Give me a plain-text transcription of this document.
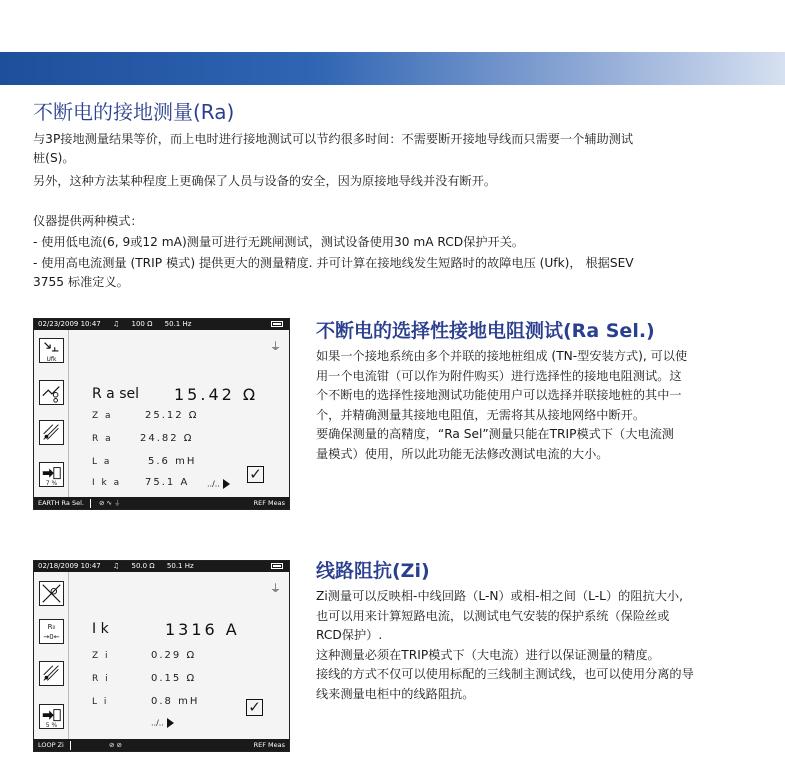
不断电的接地测量(Ra)

与3P接地测量结果等价，而上电时进行接地测试可以节约很多时间：不需要断开接地导线而只需要一个辅助测试

桩(S)。

另外，这种方法某种程度上更确保了人员与设备的安全，因为原接地导线并没有断开。

仪器提供两种模式：

- 使用低电流(6, 9或12 mA)测量可进行无跳闸测试，测试设备使用30 mA RCD保护开关。

- 使用高电流测量 (TRIP 模式) 提供更大的测量精度. 并可计算在接地线发生短路时的故障电压 (Ufk)， 根据SEV

3755 标准定义。

02/23/2009 10:47 ♫ 100 Ω 50.1 Hz
Ufk
7 %
⏚
R a sel 15.42 Ω
Z a	25.12 Ω
R a	24.82 Ω
L a	5.6 mH
I k a 75.1 A ../..
✓
EARTH Ra Sel. ⊘ ∿ ⏚	REF Meas
不断电的选择性接地电阻测试(Ra Sel.)
如果一个接地系统由多个并联的接地桩组成 (TN-型安装方式), 可以使
用一个电流钳（可以作为附件购买）进行选择性的接地电阻测试。这
个不断电的选择性接地测试功能使用户可以选择并联接地桩的其中一
个，并精确测量其接地电阻值，无需将其从接地网络中断开。
要确保测量的高精度，“Ra Sel”测量只能在TRIP模式下（大电流测
量模式）使用，所以此功能无法修改测试电流的大小。
02/18/2009 10:47 ♫ 50.0 Ω 50.1 Hz
R₀ →0←
5 %
⏚
I k	1316 A
Z i	0.29 Ω
R i	0.15 Ω
L i	0.8 mH
../..
✓
LOOP Zi	⊘ ⊘	REF Meas
线路阻抗(Zi)
Zi测量可以反映相-中线回路（L-N）或相-相之间（L-L）的阻抗大小,
也可以用来计算短路电流，以测试电气安装的保护系统（保险丝或
RCD保护）.
这种测量必须在TRIP模式下（大电流）进行以保证测量的精度。
接线的方式不仅可以使用标配的三线制主测试线，也可以使用分离的导
线来测量电柜中的线路阻抗。
